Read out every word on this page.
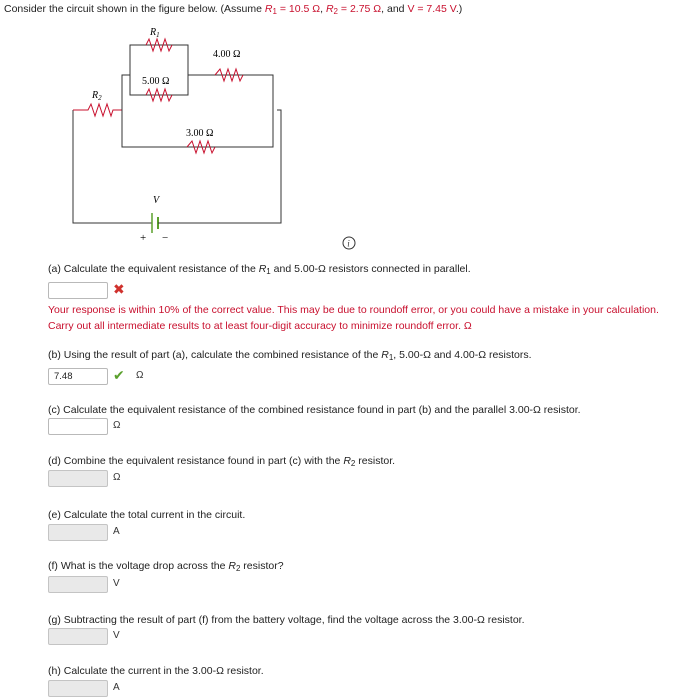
Consider the circuit shown in the figure below. (Assume $R_1 = 10.5$ Ω, $R_2 = 2.75$ Ω, and V = 7.45 V.)
$R_1$
$R_2$
4.00 Ω
5.00 Ω
3.00 Ω
V
+ −	i
(a) Calculate the equivalent resistance of the $R_1$ and 5.00-Ω resistors connected in parallel.
✖
Your response is within 10% of the correct value. This may be due to roundoff error, or you could have a mistake in your calculation. Carry out all intermediate results to at least four-digit accuracy to minimize roundoff error. Ω
(b) Using the result of part (a), calculate the combined resistance of the $R_1$, 5.00-Ω and 4.00-Ω resistors.
7.48
✔ Ω
(c) Calculate the equivalent resistance of the combined resistance found in part (b) and the parallel 3.00-Ω resistor.
Ω
(d) Combine the equivalent resistance found in part (c) with the $R_2$ resistor.
Ω
(e) Calculate the total current in the circuit.
A
(f) What is the voltage drop across the $R_2$ resistor?
V
(g) Subtracting the result of part (f) from the battery voltage, find the voltage across the 3.00-Ω resistor.
V
(h) Calculate the current in the 3.00-Ω resistor.
A
